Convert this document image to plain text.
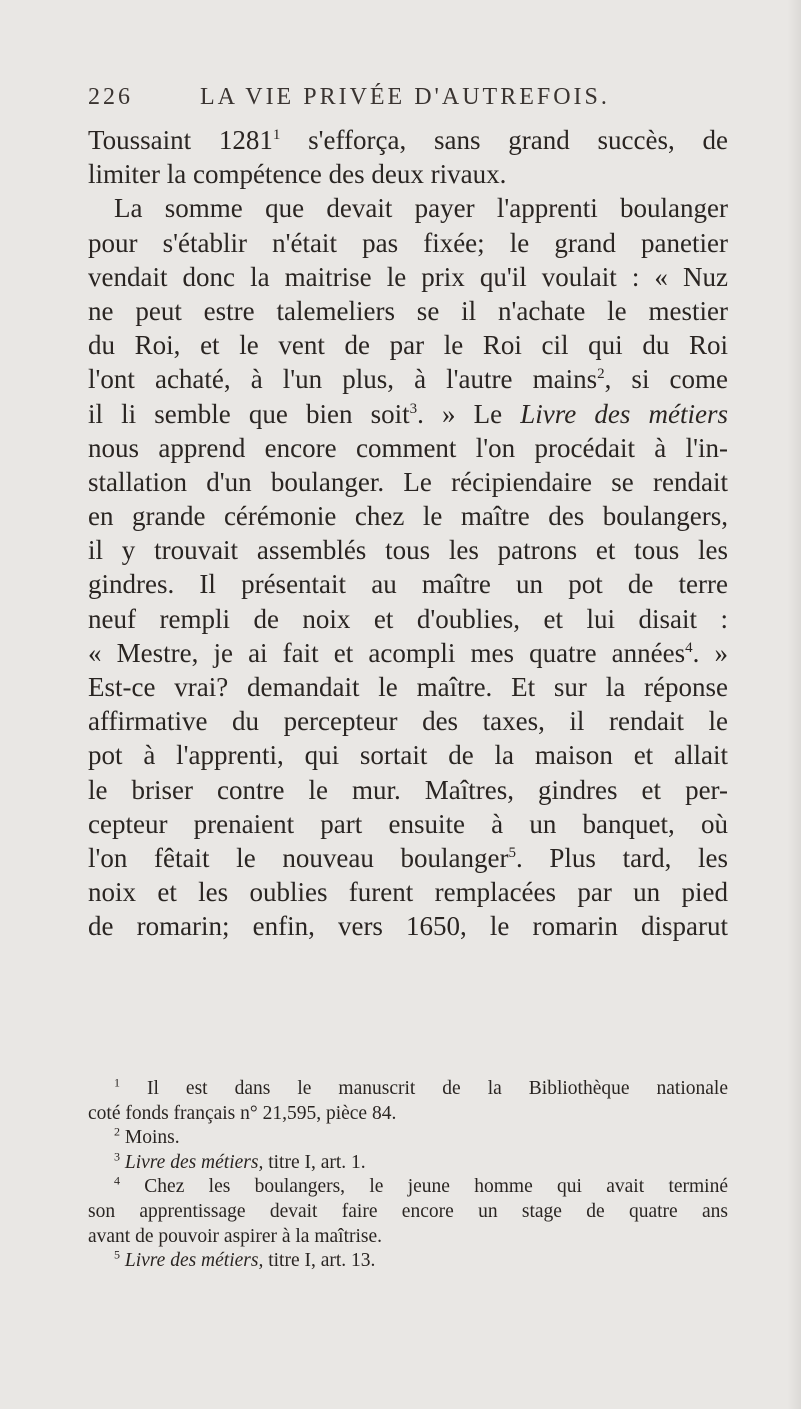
226	LA VIE PRIVÉE D'AUTREFOIS.
Toussaint 1281$^1$ s'efforça, sans grand succès, de
limiter la compétence des deux rivaux.
La somme que devait payer l'apprenti boulanger
pour s'établir n'était pas fixée; le grand panetier
vendait donc la maitrise le prix qu'il voulait : « Nuz
ne peut estre talemeliers se il n'achate le mestier
du Roi, et le vent de par le Roi cil qui du Roi
l'ont achaté, à l'un plus, à l'autre mains$^2$, si come
il li semble que bien soit$^3$. » Le Livre des métiers
nous apprend encore comment l'on procédait à l'in-
stallation d'un boulanger. Le récipiendaire se rendait
en grande cérémonie chez le maître des boulangers,
il y trouvait assemblés tous les patrons et tous les
gindres. Il présentait au maître un pot de terre
neuf rempli de noix et d'oublies, et lui disait :
« Mestre, je ai fait et acompli mes quatre années$^4$. »
Est-ce vrai? demandait le maître. Et sur la réponse
affirmative du percepteur des taxes, il rendait le
pot à l'apprenti, qui sortait de la maison et allait
le briser contre le mur. Maîtres, gindres et per-
cepteur prenaient part ensuite à un banquet, où
l'on fêtait le nouveau boulanger$^5$. Plus tard, les
noix et les oublies furent remplacées par un pied
de romarin; enfin, vers 1650, le romarin disparut
$^1$ Il est dans le manuscrit de la Bibliothèque nationale
coté fonds français n° 21,595, pièce 84.
$^2$ Moins.
$^3$ Livre des métiers, titre I, art. 1.
$^4$ Chez les boulangers, le jeune homme qui avait terminé
son apprentissage devait faire encore un stage de quatre ans
avant de pouvoir aspirer à la maîtrise.
$^5$ Livre des métiers, titre I, art. 13.
